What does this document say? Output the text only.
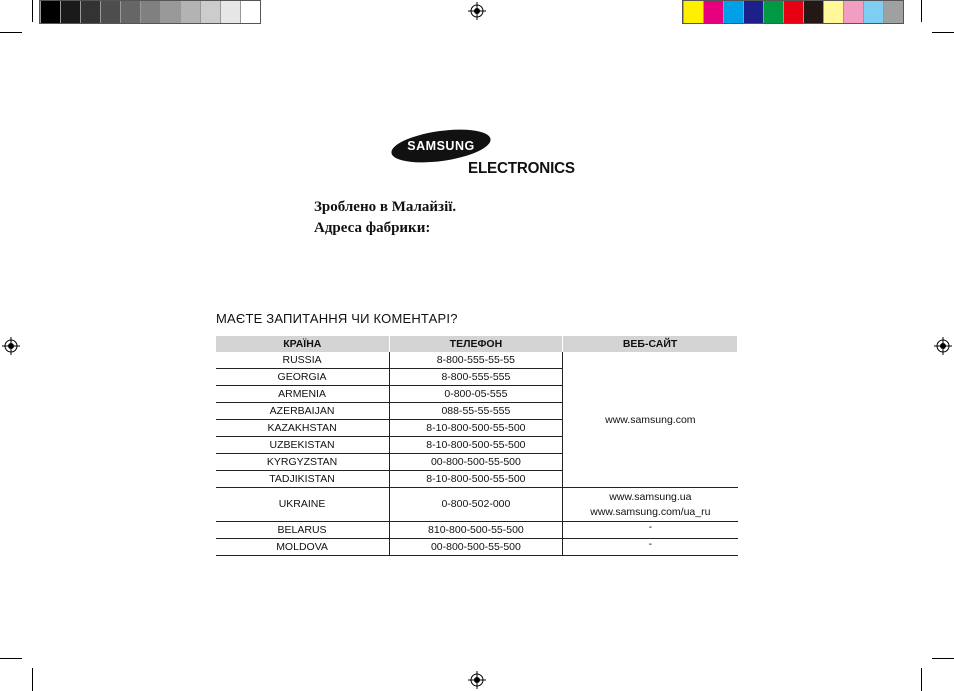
SAMSUNG
ELECTRONICS
Зроблено в Малайзії.
Адреса фабрики:
МАЄТЕ ЗАПИТАННЯ ЧИ КОМЕНТАРІ?
КРАЇНА	ТЕЛЕФОН	ВЕБ-САЙТ
RUSSIA	8-800-555-55-55	www.samsung.com
GEORGIA	8-800-555-555	
ARMENIA	0-800-05-555	
AZERBAIJAN	088-55-55-555	
KAZAKHSTAN	8-10-800-500-55-500	
UZBEKISTAN	8-10-800-500-55-500	
KYRGYZSTAN	00-800-500-55-500	
TADJIKISTAN	8-10-800-500-55-500	
UKRAINE	0-800-502-000	www.samsung.ua
www.samsung.com/ua_ru

BELARUS	810-800-500-55-500	-
MOLDOVA	00-800-500-55-500	-
